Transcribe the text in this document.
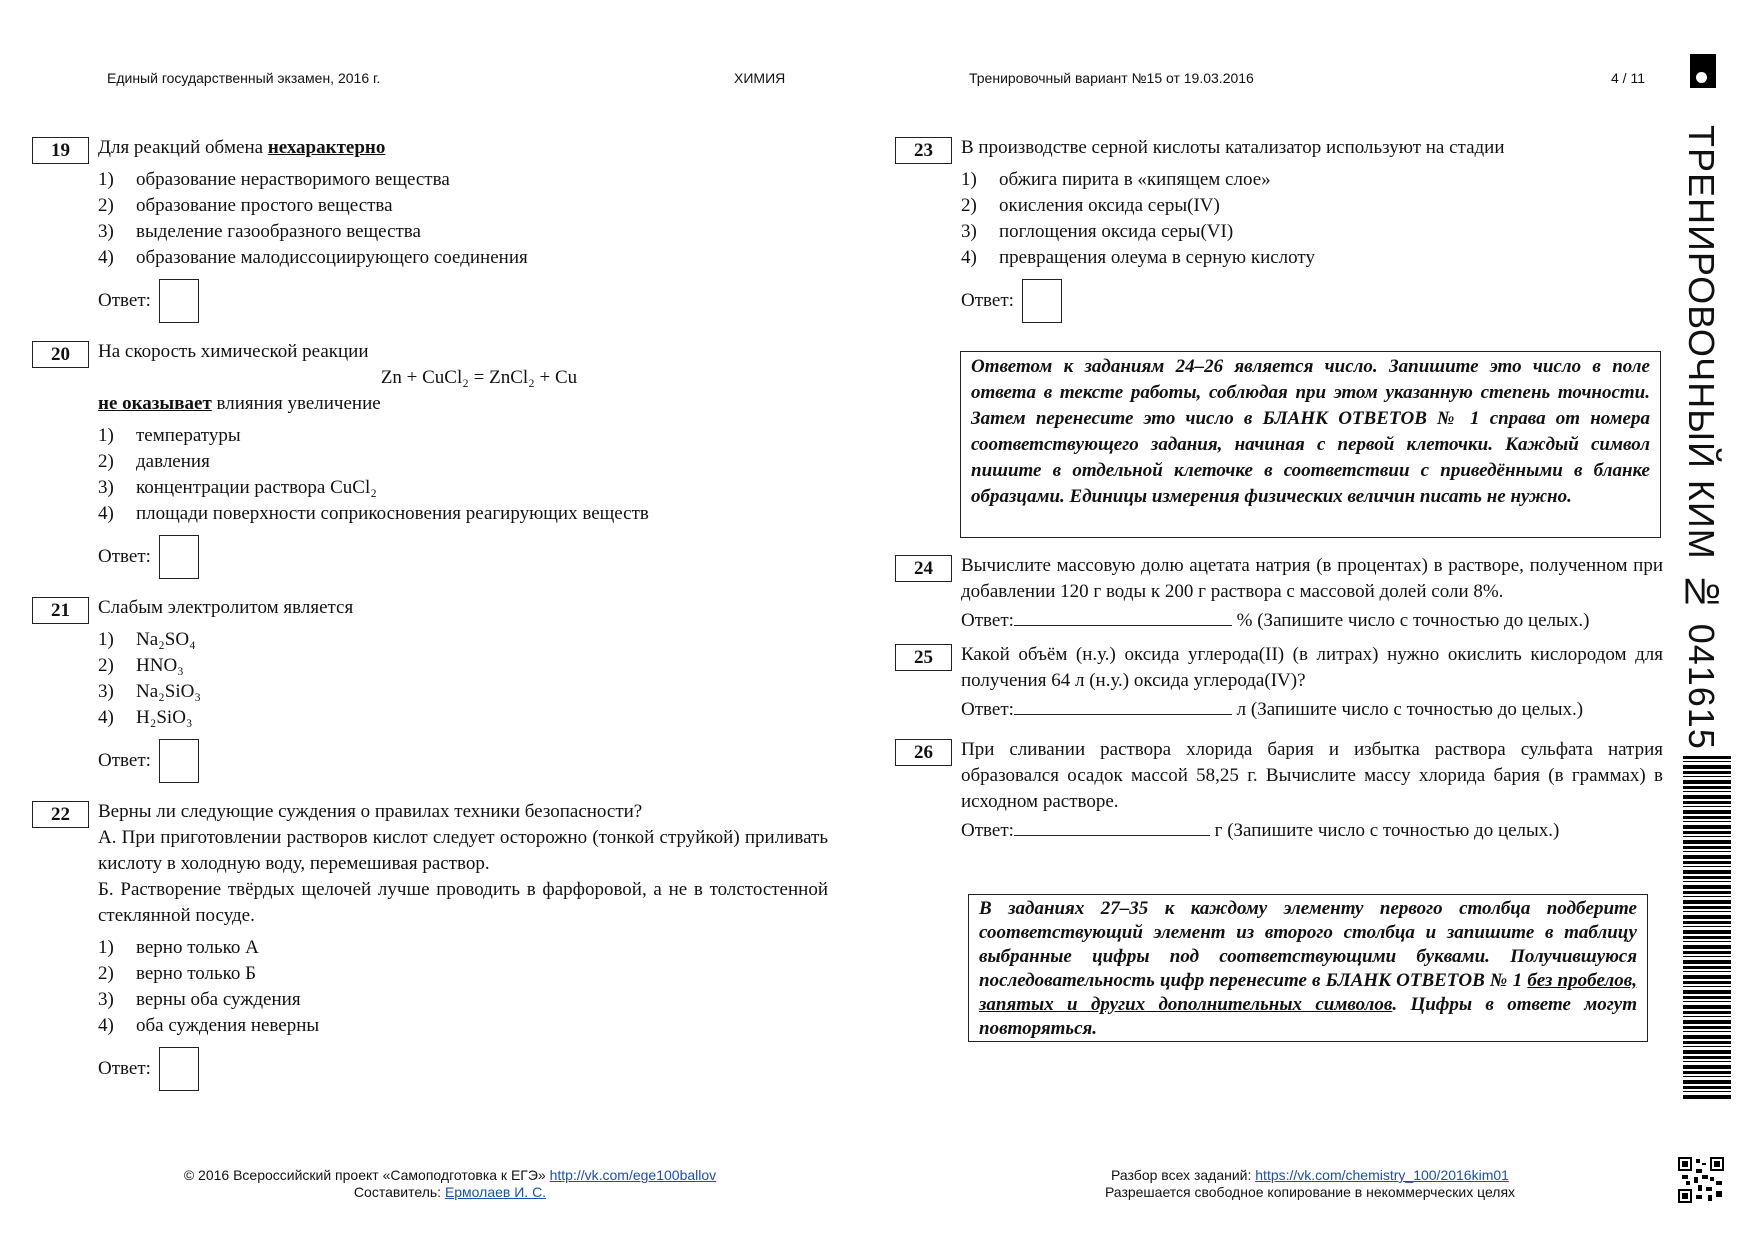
Единый государственный экзамен, 2016 г.	ХИМИЯ	Тренировочный вариант №15 от 19.03.2016	4 / 11
19	Для реакций обмена нехарактерно

1)	образование нерастворимого вещества
2)	образование простого вещества
3)	выделение газообразного вещества
4)	образование малодиссоциирующего соединения
Ответ:
20	На скорость химической реакции

Zn + CuCl₂ = ZnCl₂ + Cu

не оказывает влияния увеличение

1)	температуры
2)	давления
3)	концентрации раствора CuCl₂
4)	площади поверхности соприкосновения реагирующих веществ
Ответ:
21	Слабым электролитом является

1)	Na₂SO₄
2)	HNO₃
3)	Na₂SiO₃
4)	H₂SiO₃
Ответ:
22	Верны ли следующие суждения о правилах техники безопасности?

А. При приготовлении растворов кислот следует осторожно (тонкой струйкой) приливать кислоту в холодную воду, перемешивая раствор.

Б. Растворение твёрдых щелочей лучше проводить в фарфоровой, а не в толстостенной стеклянной посуде.

1)	верно только А
2)	верно только Б
3)	верны оба суждения
4)	оба суждения неверны
Ответ:
23	В производстве серной кислоты катализатор используют на стадии

1)	обжига пирита в «кипящем слое»
2)	окисления оксида серы(IV)
3)	поглощения оксида серы(VI)
4)	превращения олеума в серную кислоту
Ответ:
Ответом к заданиям 24–26 является число. Запишите это число в поле ответа в тексте работы, соблюдая при этом указанную степень точности. Затем перенесите это число в БЛАНК ОТВЕТОВ № 1 справа от номера соответствующего задания, начиная с первой клеточки. Каждый символ пишите в отдельной клеточке в соответствии с приведёнными в бланке образцами. Единицы измерения физических величин писать не нужно.
24	Вычислите массовую долю ацетата натрия (в процентах) в растворе, полученном при добавлении 120 г воды к 200 г раствора с массовой долей соли 8%.

Ответ:	% (Запишите число с точностью до целых.)
25	Какой объём (н.у.) оксида углерода(II) (в литрах) нужно окислить кислородом для получения 64 л (н.у.) оксида углерода(IV)?

Ответ:	л (Запишите число с точностью до целых.)
26	При сливании раствора хлорида бария и избытка раствора сульфата натрия образовался осадок массой 58,25 г. Вычислите массу хлорида бария (в граммах) в исходном растворе.

Ответ:	г (Запишите число с точностью до целых.)
В заданиях 27–35 к каждому элементу первого столбца подберите соответствующий элемент из второго столбца и запишите в таблицу выбранные цифры под соответствующими буквами. Получившуюся последовательность цифр перенесите в БЛАНК ОТВЕТОВ № 1 без пробелов, запятых и других дополнительных символов. Цифры в ответе могут повторяться.
ТРЕНИРОВОЧНЫЙ КИМ № 041615
© 2016 Всероссийский проект «Самоподготовка к ЕГЭ» http://vk.com/ege100ballov
Составитель: Ермолаев И. С.
Разбор всех заданий: https://vk.com/chemistry_100/2016kim01
Разрешается свободное копирование в некоммерческих целях
